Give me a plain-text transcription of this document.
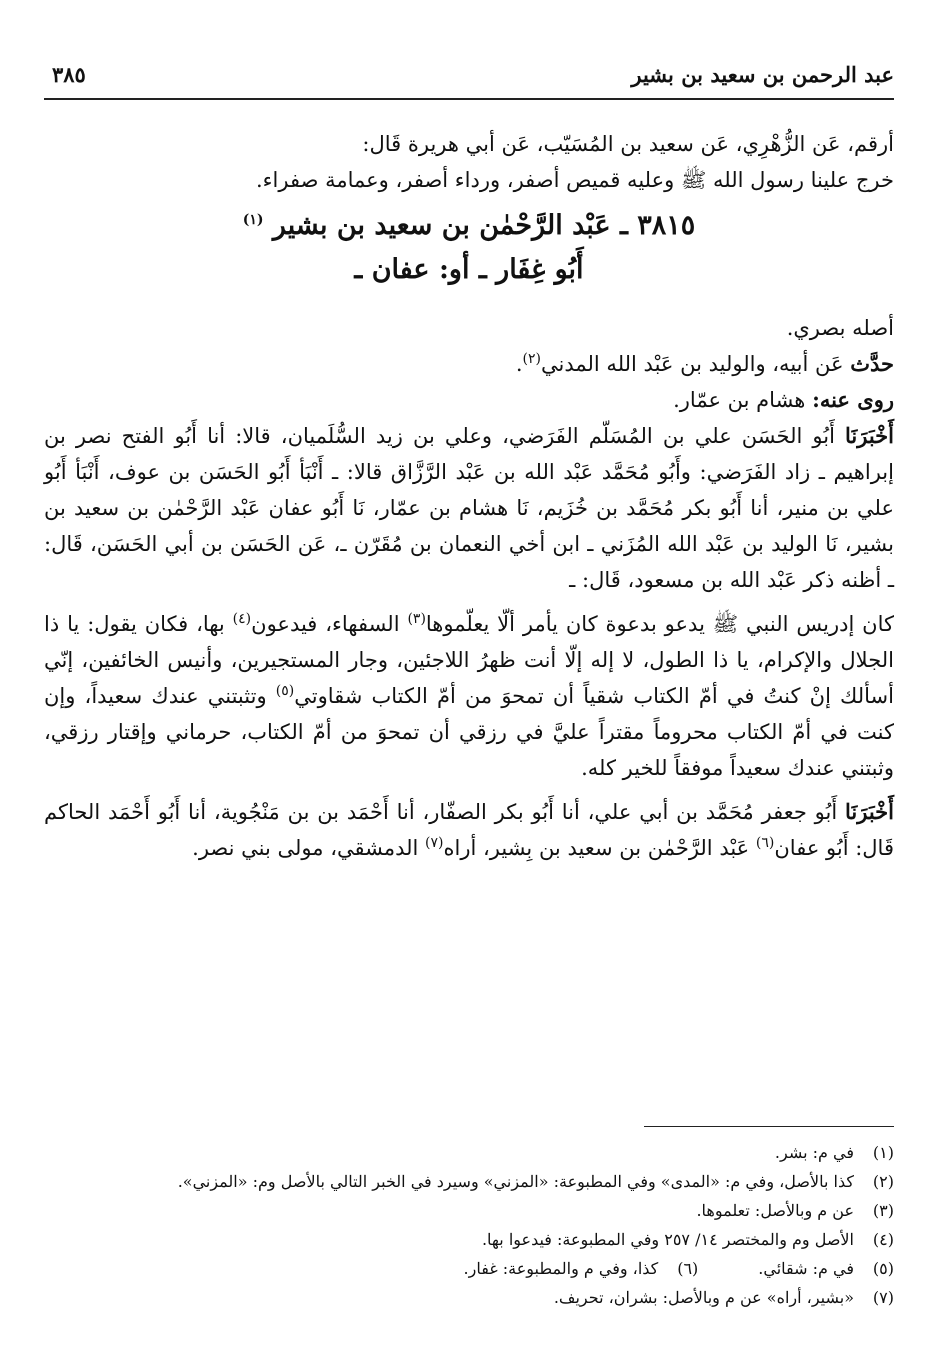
عبد الرحمن بن سعيد بن بشير
٣٨٥

أرقم، عَن الزُّهْرِي، عَن سعيد بن المُسَيّب، عَن أبي هريرة قَال:

خرج علينا رسول الله ﷺ وعليه قميص أصفر، ورداء أصفر، وعمامة صفراء.

٣٨١٥ ـ عَبْد الرَّحْمٰن بن سعيد بن بشير $^{(١)}$
أَبُو غِفَار ـ أو: عفان ـ

أصله بصري.

حدَّث عَن أبيه، والوليد بن عَبْد الله المدني$^{(٢)}$.

روى عنه: هشام بن عمّار.

أَخْبَرَنَا أَبُو الحَسَن علي بن المُسَلّم الفَرَضي، وعلي بن زيد السُّلَميان، قالا: أنا أَبُو الفتح نصر بن إبراهيم ـ زاد الفَرَضي: وأَبُو مُحَمَّد عَبْد الله بن عَبْد الرَّزَّاق قالا: ـ أَنْبَأ أَبُو الحَسَن بن عوف، أَنْبَأ أَبُو علي بن منير، أنا أَبُو بكر مُحَمَّد بن خُزَيم، نَا هشام بن عمّار، نَا أَبُو عفان عَبْد الرَّحْمٰن بن سعيد بن بشير، نَا الوليد بن عَبْد الله المُزَني ـ ابن أخي النعمان بن مُقَرّن ـ، عَن الحَسَن بن أبي الحَسَن، قَال: ـ أظنه ذكر عَبْد الله بن مسعود، قَال: ـ

كان إدريس النبي ﷺ يدعو بدعوة كان يأمر ألّا يعلّموها$^{(٣)}$ السفهاء، فيدعون$^{(٤)}$ بها، فكان يقول: يا ذا الجلال والإكرام، يا ذا الطول، لا إله إلّا أنت ظهرُ اللاجئين، وجار المستجيرين، وأنيس الخائفين، إنّي أسألك إنْ كنتُ في أمّ الكتاب شقياً أن تمحوَ من أمّ الكتاب شقاوتي$^{(٥)}$ وتثبتني عندك سعيداً، وإن كنت في أمّ الكتاب محروماً مقتراً عليَّ في رزقي أن تمحوَ من أمّ الكتاب، حرماني وإقتار رزقي، وثبتني عندك سعيداً موفقاً للخير كله.

أَخْبَرَنَا أَبُو جعفر مُحَمَّد بن أبي علي، أنا أَبُو بكر الصفّار، أنا أَحْمَد بن بن مَنْجُوية، أنا أَبُو أَحْمَد الحاكم قَال: أَبُو عفان$^{(٦)}$ عَبْد الرَّحْمٰن بن سعيد بن بِشير، أراه$^{(٧)}$ الدمشقي، مولى بني نصر.

(١)
في م: بشر.
(٢)
كذا بالأصل، وفي م: «المدى» وفي المطبوعة: «المزني» وسيرد في الخبر التالي بالأصل وم: «المزني».
(٣)
عن م وبالأصل: تعلموها.
(٤)
الأصل وم والمختصر ١٤/ ٢٥٧ وفي المطبوعة: فيدعوا بها.
(٥)
في م: شقائي.
(٦)
كذا، وفي م والمطبوعة: غفار.
(٧)
«بشير، أراه» عن م وبالأصل: بشران، تحريف.
